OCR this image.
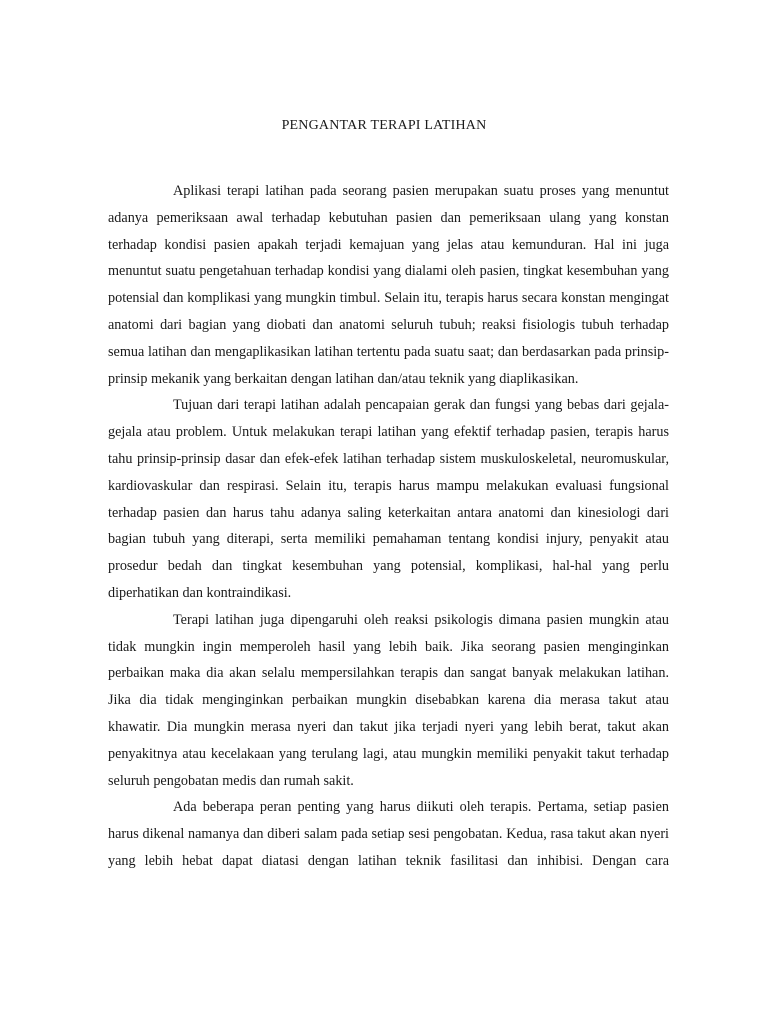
PENGANTAR TERAPI LATIHAN

Aplikasi terapi latihan pada seorang pasien merupakan suatu proses yang menuntut adanya pemeriksaan awal terhadap kebutuhan pasien dan pemeriksaan ulang yang konstan terhadap kondisi pasien apakah terjadi kemajuan yang jelas atau kemunduran. Hal ini juga menuntut suatu pengetahuan terhadap kondisi yang dialami oleh pasien, tingkat kesembuhan yang potensial dan komplikasi yang mungkin timbul. Selain itu, terapis harus secara konstan mengingat anatomi dari bagian yang diobati dan anatomi seluruh tubuh; reaksi fisiologis tubuh terhadap semua latihan dan mengaplikasikan latihan tertentu pada suatu saat; dan berdasarkan pada prinsip-prinsip mekanik yang berkaitan dengan latihan dan/atau teknik yang diaplikasikan.

Tujuan dari terapi latihan adalah pencapaian gerak dan fungsi yang bebas dari gejala-gejala atau problem. Untuk melakukan terapi latihan yang efektif terhadap pasien, terapis harus tahu prinsip-prinsip dasar dan efek-efek latihan terhadap sistem muskuloskeletal, neuromuskular, kardiovaskular dan respirasi. Selain itu, terapis harus mampu melakukan evaluasi fungsional terhadap pasien dan harus tahu adanya saling keterkaitan antara anatomi dan kinesiologi dari bagian tubuh yang diterapi, serta memiliki pemahaman tentang kondisi injury, penyakit atau prosedur bedah dan tingkat kesembuhan yang potensial, komplikasi, hal-hal yang perlu diperhatikan dan kontraindikasi.

Terapi latihan juga dipengaruhi oleh reaksi psikologis dimana pasien mungkin atau tidak mungkin ingin memperoleh hasil yang lebih baik. Jika seorang pasien menginginkan perbaikan maka dia akan selalu mempersilahkan terapis dan sangat banyak melakukan latihan. Jika dia tidak menginginkan perbaikan mungkin disebabkan karena dia merasa takut atau khawatir. Dia mungkin merasa nyeri dan takut jika terjadi nyeri yang lebih berat, takut akan penyakitnya atau kecelakaan yang terulang lagi, atau mungkin memiliki penyakit takut terhadap seluruh pengobatan medis dan rumah sakit.

Ada beberapa peran penting yang harus diikuti oleh terapis. Pertama, setiap pasien harus dikenal namanya dan diberi salam pada setiap sesi pengobatan. Kedua, rasa takut akan nyeri yang lebih hebat dapat diatasi dengan latihan teknik fasilitasi dan inhibisi. Dengan cara
